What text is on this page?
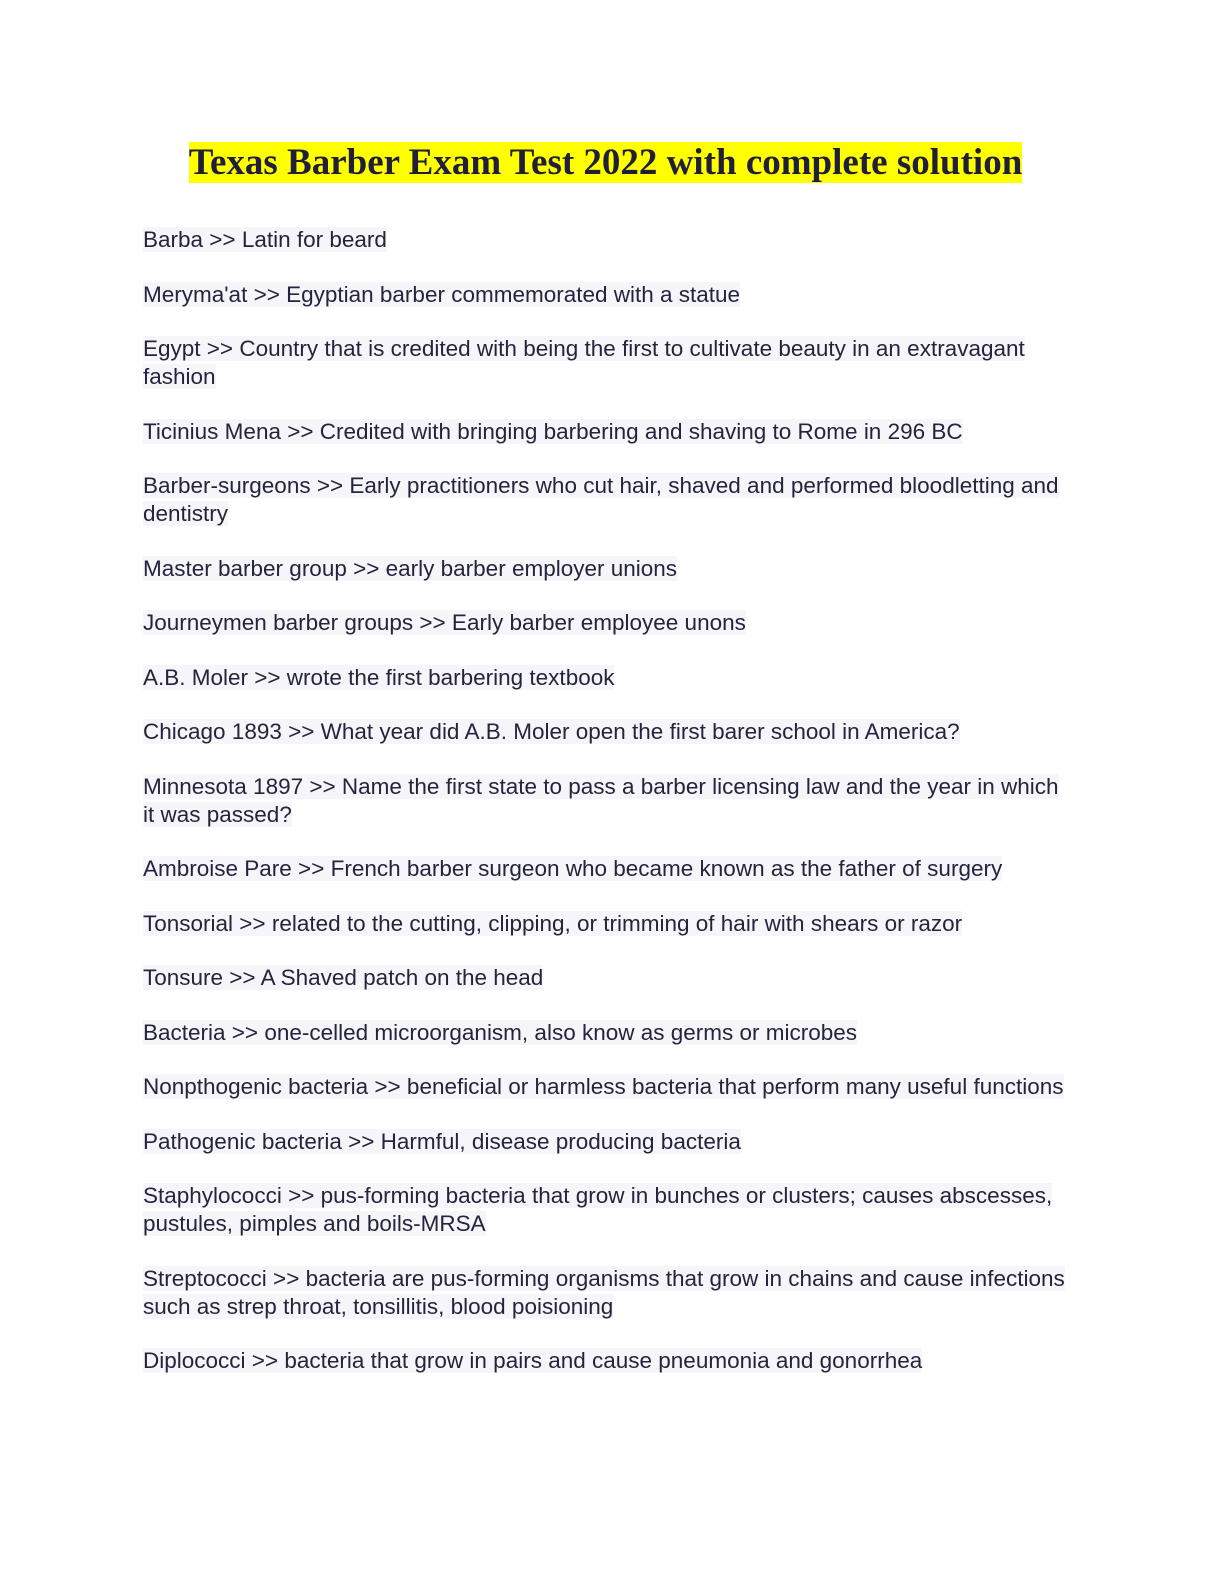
Texas Barber Exam Test 2022 with complete solution

Barba >> Latin for beard

Meryma'at >> Egyptian barber commemorated with a statue

Egypt >> Country that is credited with being the first to cultivate beauty in an extravagant fashion

Ticinius Mena >> Credited with bringing barbering and shaving to Rome in 296 BC

Barber-surgeons >> Early practitioners who cut hair, shaved and performed bloodletting and dentistry

Master barber group >> early barber employer unions

Journeymen barber groups >> Early barber employee unons

A.B. Moler >> wrote the first barbering textbook

Chicago 1893 >> What year did A.B. Moler open the first barer school in America?

Minnesota 1897 >> Name the first state to pass a barber licensing law and the year in which it was passed?

Ambroise Pare >> French barber surgeon who became known as the father of surgery

Tonsorial >> related to the cutting, clipping, or trimming of hair with shears or razor

Tonsure >> A Shaved patch on the head

Bacteria >> one-celled microorganism, also know as germs or microbes

Nonpthogenic bacteria >> beneficial or harmless bacteria that perform many useful functions

Pathogenic bacteria >> Harmful, disease producing bacteria

Staphylococci >> pus-forming bacteria that grow in bunches or clusters; causes abscesses, pustules, pimples and boils-MRSA

Streptococci >> bacteria are pus-forming organisms that grow in chains and cause infections such as strep throat, tonsillitis, blood poisioning

Diplococci >> bacteria that grow in pairs and cause pneumonia and gonorrhea
